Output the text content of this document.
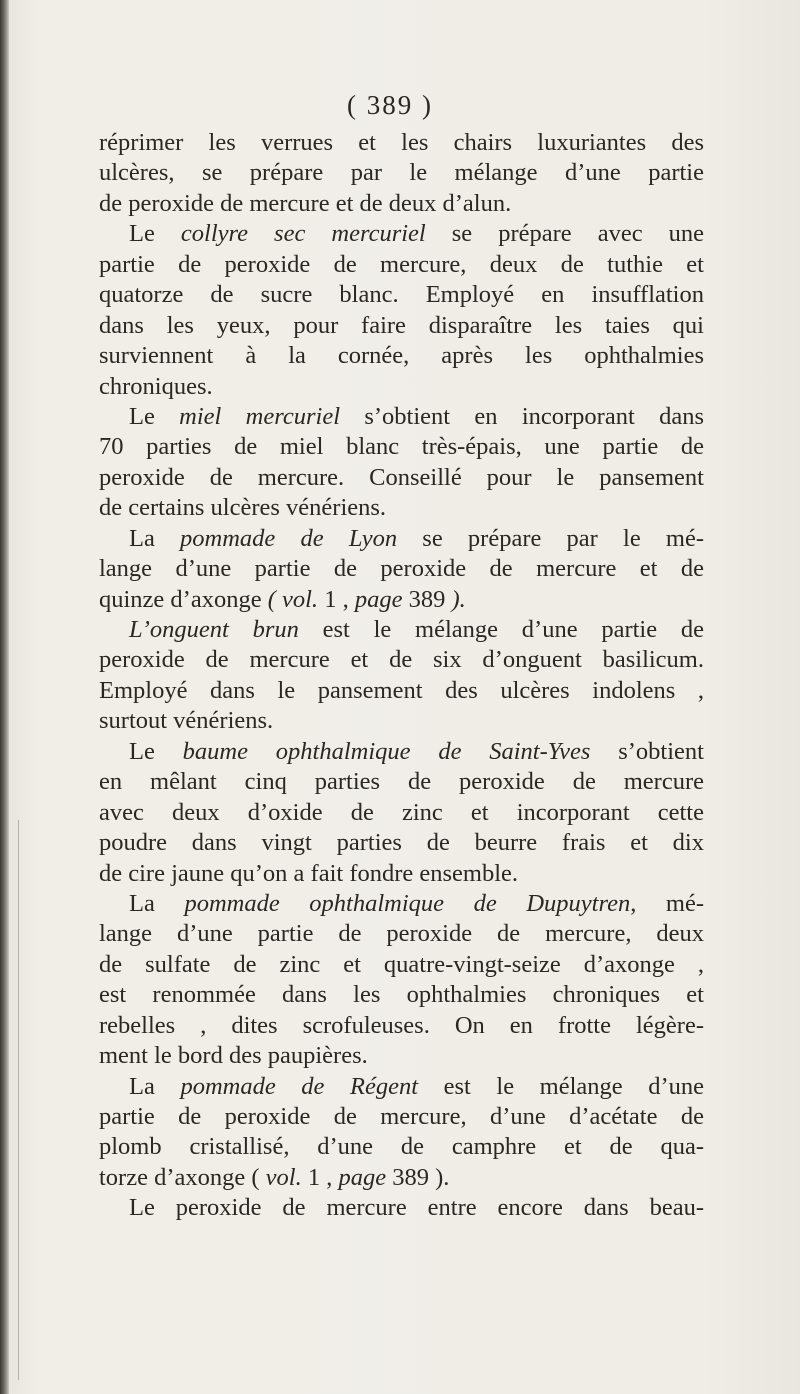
( 389 )
réprimer les verrues et les chairs luxuriantes des
ulcères, se prépare par le mélange d’une partie
de peroxide de mercure et de deux d’alun.
Le collyre sec mercuriel se prépare avec une
partie de peroxide de mercure, deux de tuthie et
quatorze de sucre blanc. Employé en insufflation
dans les yeux, pour faire disparaître les taies qui
surviennent à la cornée, après les ophthalmies
chroniques.
Le miel mercuriel s’obtient en incorporant dans
70 parties de miel blanc très-épais, une partie de
peroxide de mercure. Conseillé pour le pansement
de certains ulcères vénériens.
La pommade de Lyon se prépare par le mé-
lange d’une partie de peroxide de mercure et de
quinze d’axonge ( vol. 1 , page 389 ).
L’onguent brun est le mélange d’une partie de
peroxide de mercure et de six d’onguent basilicum.
Employé dans le pansement des ulcères indolens ,
surtout vénériens.
Le baume ophthalmique de Saint-Yves s’obtient
en mêlant cinq parties de peroxide de mercure
avec deux d’oxide de zinc et incorporant cette
poudre dans vingt parties de beurre frais et dix
de cire jaune qu’on a fait fondre ensemble.
La pommade ophthalmique de Dupuytren, mé-
lange d’une partie de peroxide de mercure, deux
de sulfate de zinc et quatre-vingt-seize d’axonge ,
est renommée dans les ophthalmies chroniques et
rebelles , dites scrofuleuses. On en frotte légère-
ment le bord des paupières.
La pommade de Régent est le mélange d’une
partie de peroxide de mercure, d’une d’acétate de
plomb cristallisé, d’une de camphre et de qua-
torze d’axonge ( vol. 1 , page 389 ).
Le peroxide de mercure entre encore dans beau-
